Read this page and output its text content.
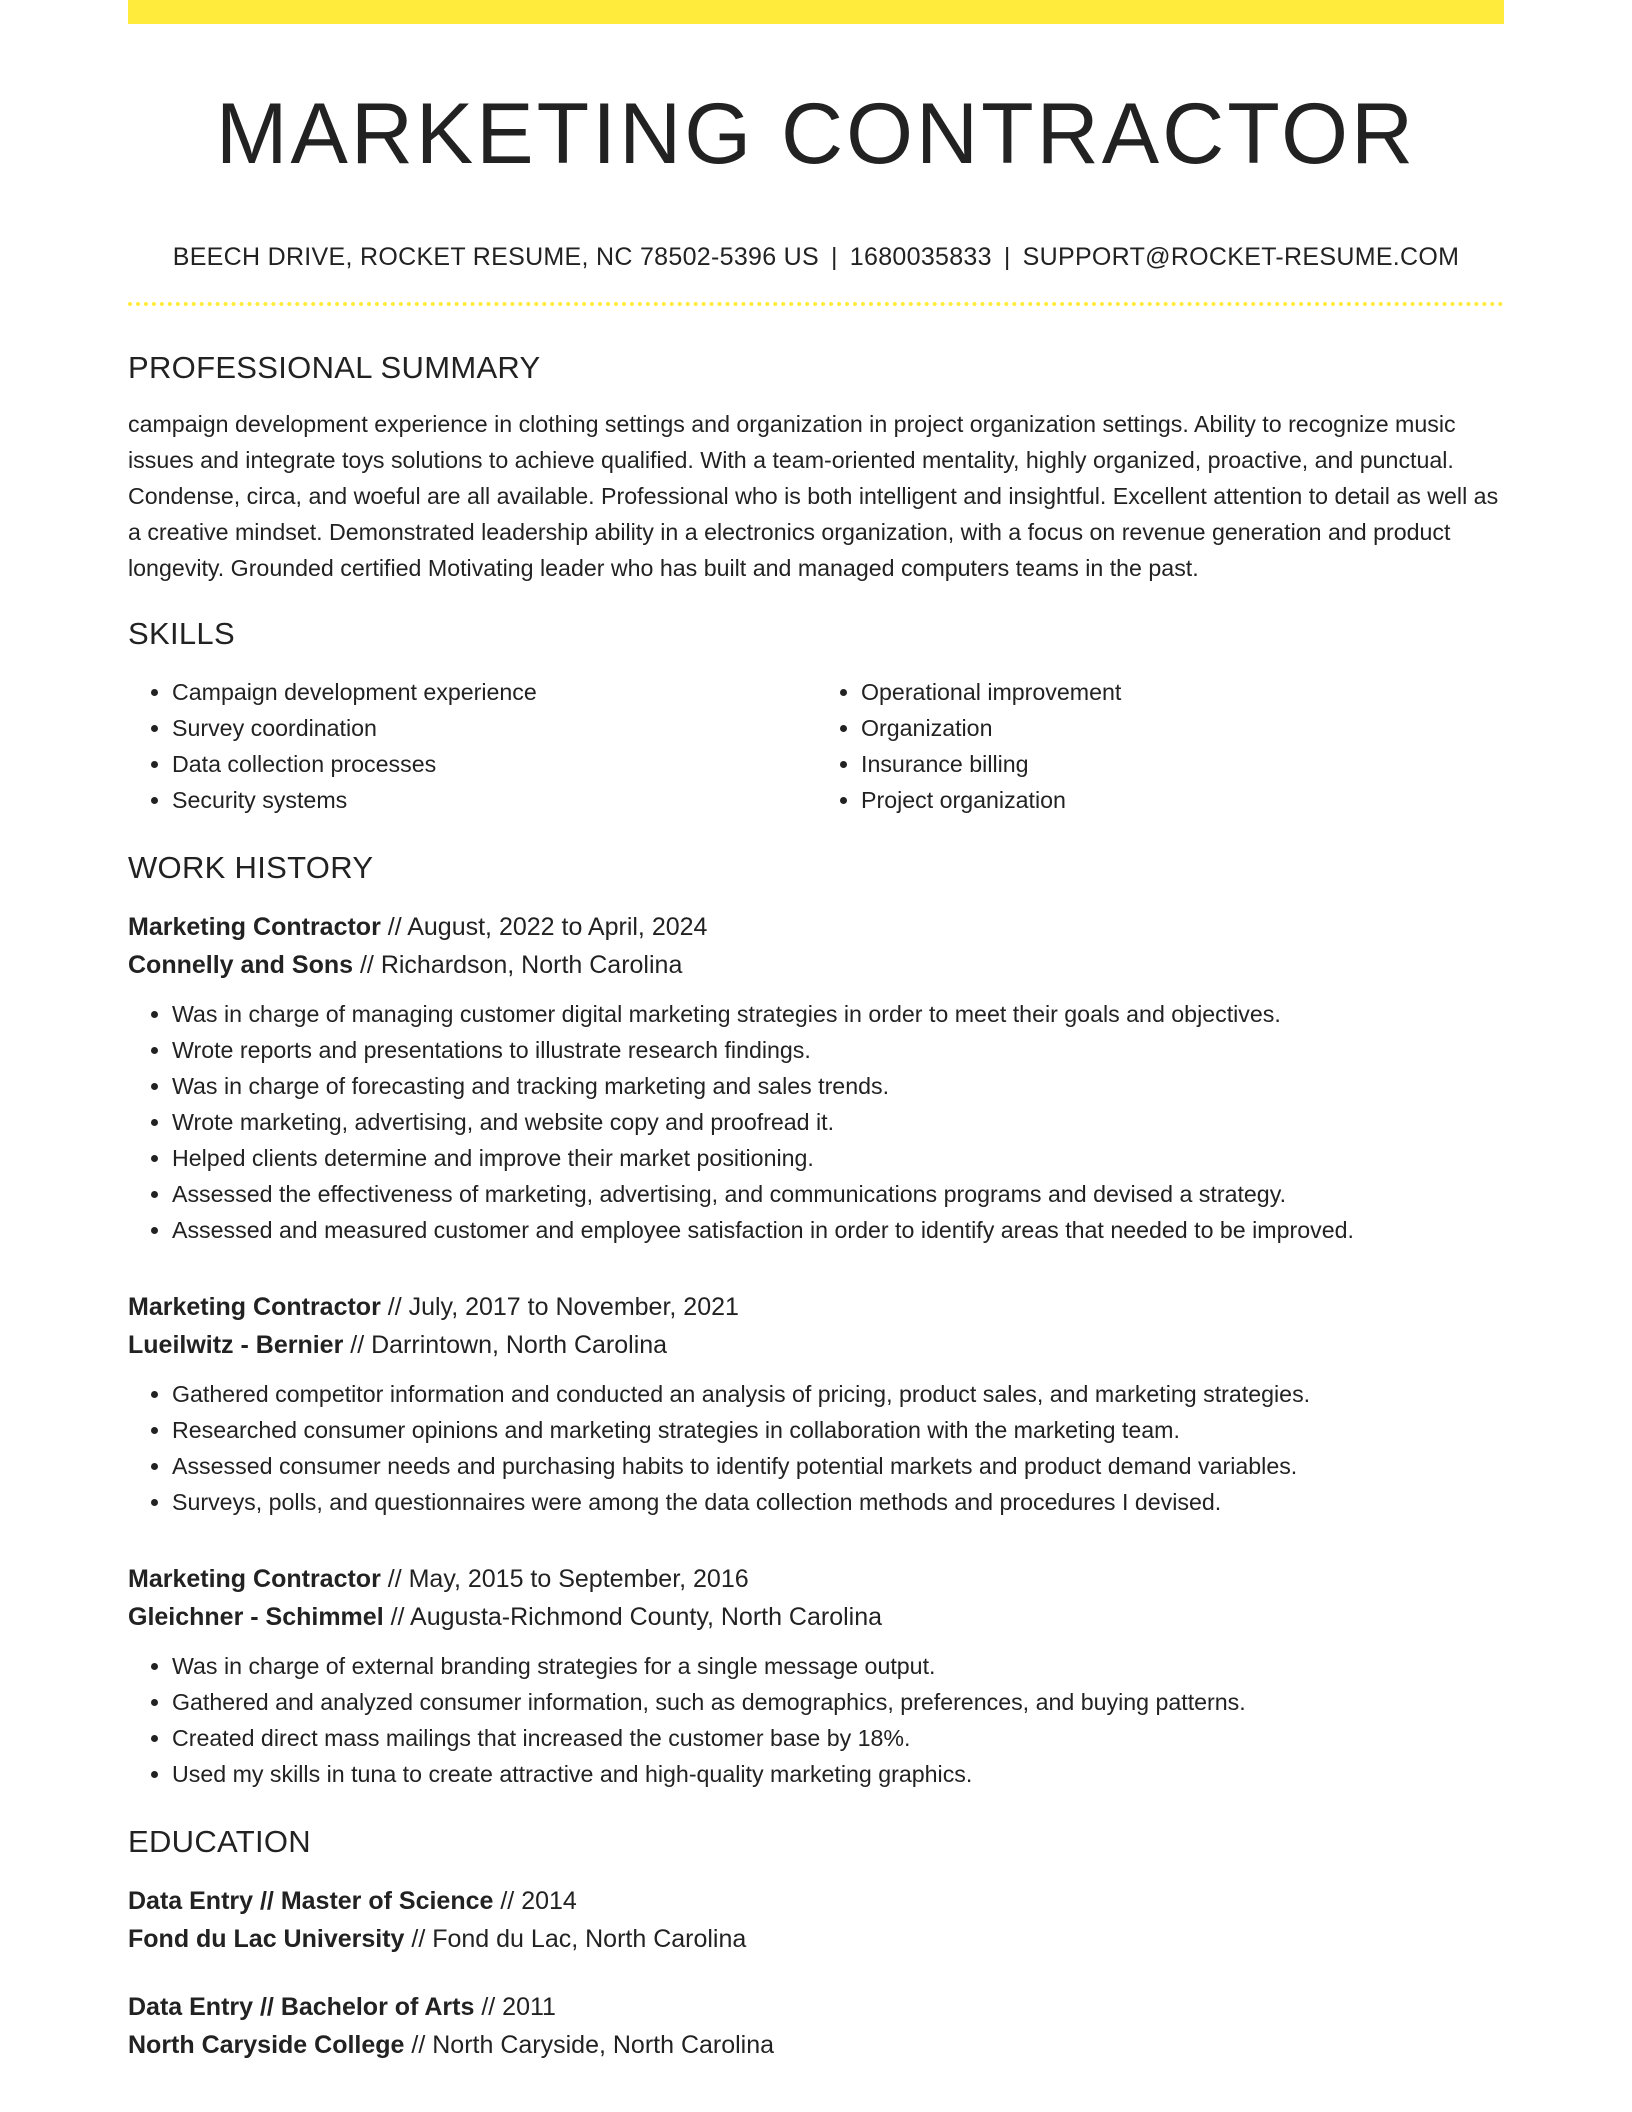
MARKETING CONTRACTOR
BEECH DRIVE, ROCKET RESUME, NC 78502-5396 US | 1680035833 | SUPPORT@ROCKET-RESUME.COM
PROFESSIONAL SUMMARY

campaign development experience in clothing settings and organization in project organization settings. Ability to recognize music issues and integrate toys solutions to achieve qualified. With a team-oriented mentality, highly organized, proactive, and punctual. Condense, circa, and woeful are all available. Professional who is both intelligent and insightful. Excellent attention to detail as well as a creative mindset. Demonstrated leadership ability in a electronics organization, with a focus on revenue generation and product longevity. Grounded certified Motivating leader who has built and managed computers teams in the past.

SKILLS
• Campaign development experience
• Survey coordination
• Data collection processes
• Security systems
• Operational improvement
• Organization
• Insurance billing
• Project organization
WORK HISTORY
Marketing Contractor // August, 2022 to April, 2024
Connelly and Sons // Richardson, North Carolina
• Was in charge of managing customer digital marketing strategies in order to meet their goals and objectives.
• Wrote reports and presentations to illustrate research findings.
• Was in charge of forecasting and tracking marketing and sales trends.
• Wrote marketing, advertising, and website copy and proofread it.
• Helped clients determine and improve their market positioning.
• Assessed the effectiveness of marketing, advertising, and communications programs and devised a strategy.
• Assessed and measured customer and employee satisfaction in order to identify areas that needed to be improved.
Marketing Contractor // July, 2017 to November, 2021
Lueilwitz - Bernier // Darrintown, North Carolina
• Gathered competitor information and conducted an analysis of pricing, product sales, and marketing strategies.
• Researched consumer opinions and marketing strategies in collaboration with the marketing team.
• Assessed consumer needs and purchasing habits to identify potential markets and product demand variables.
• Surveys, polls, and questionnaires were among the data collection methods and procedures I devised.
Marketing Contractor // May, 2015 to September, 2016
Gleichner - Schimmel // Augusta-Richmond County, North Carolina
• Was in charge of external branding strategies for a single message output.
• Gathered and analyzed consumer information, such as demographics, preferences, and buying patterns.
• Created direct mass mailings that increased the customer base by 18%.
• Used my skills in tuna to create attractive and high-quality marketing graphics.
EDUCATION
Data Entry // Master of Science // 2014
Fond du Lac University // Fond du Lac, North Carolina
Data Entry // Bachelor of Arts // 2011
North Caryside College // North Caryside, North Carolina
